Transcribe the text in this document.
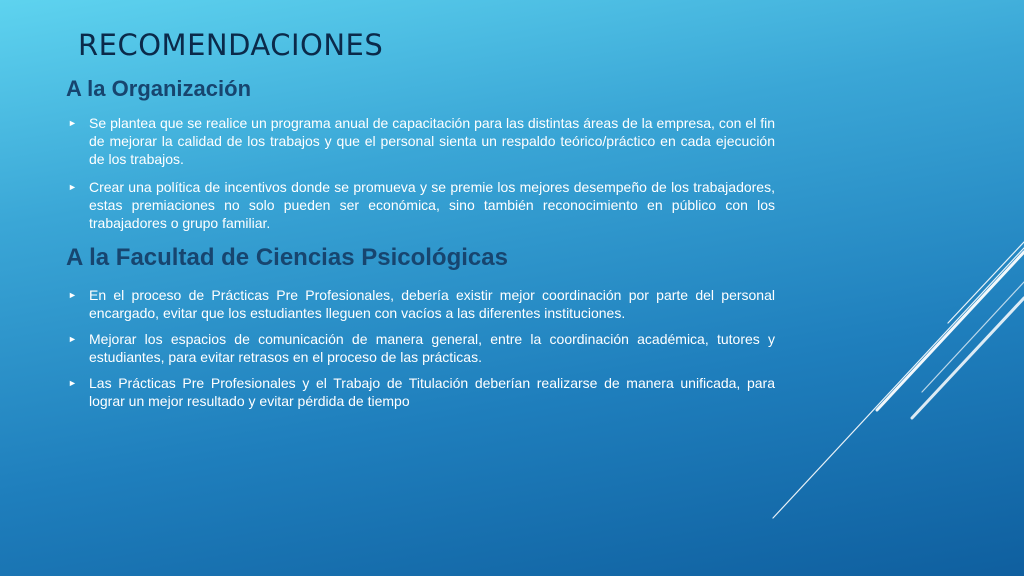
RECOMENDACIONES
A la Organización
► Se plantea que se realice un programa anual de capacitación para las distintas áreas de la empresa, con el fin de mejorar la calidad de los trabajos y que el personal sienta un respaldo teórico/práctico en cada ejecución de los trabajos.
► Crear una política de incentivos donde se promueva y se premie los mejores desempeño de los trabajadores, estas premiaciones no solo pueden ser económica, sino también reconocimiento en público con los trabajadores o grupo familiar.
A la Facultad de Ciencias Psicológicas
► En el proceso de Prácticas Pre Profesionales, debería existir mejor coordinación por parte del personal encargado, evitar que los estudiantes lleguen con vacíos a las diferentes instituciones.
► Mejorar los espacios de comunicación de manera general, entre la coordinación académica, tutores y estudiantes, para evitar retrasos en el proceso de las prácticas.
► Las Prácticas Pre Profesionales y el Trabajo de Titulación deberían realizarse de manera unificada, para lograr un mejor resultado y evitar pérdida de tiempo
